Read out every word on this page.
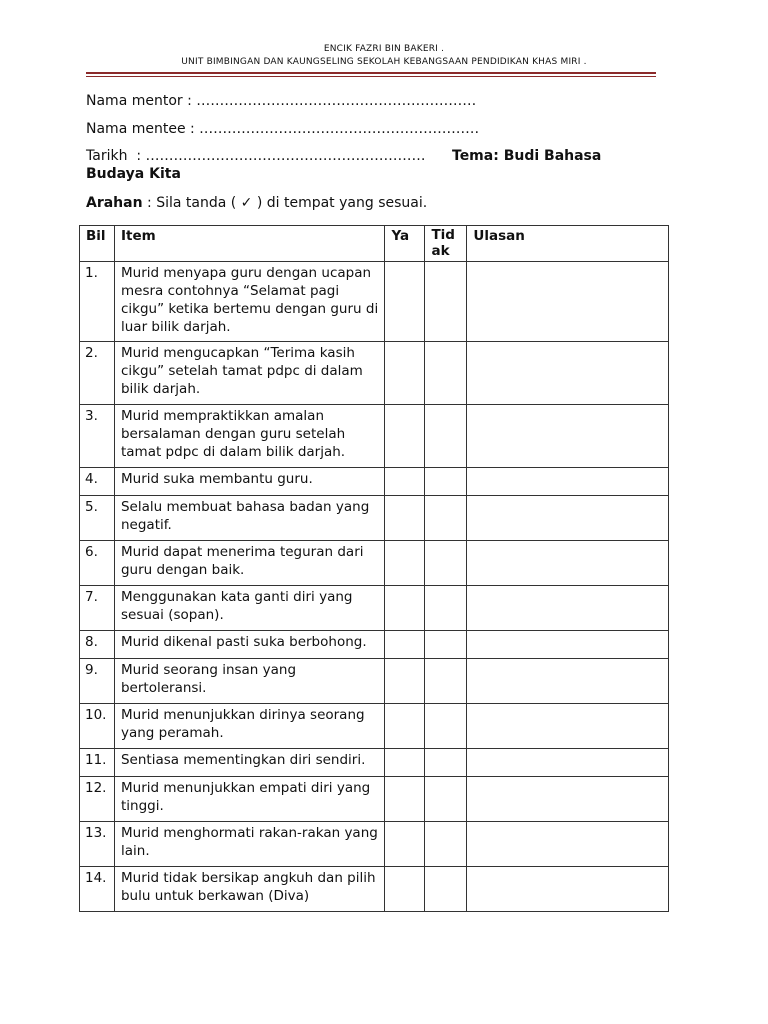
ENCIK FAZRI BIN BAKERI .
UNIT BIMBINGAN DAN KAUNGSELING SEKOLAH KEBANGSAAN PENDIDIKAN KHAS MIRI .
Nama mentor : ……………………………………………………
Nama mentee : ……………………………………………………
Tarikh  : …………………………………………………… Tema: Budi Bahasa
Budaya Kita
Arahan : Sila tanda ( ✓ ) di tempat yang sesuai.
Bil	Item	Ya	Tid ak	Ulasan
1.	Murid menyapa guru dengan ucapan mesra contohnya “Selamat pagi cikgu” ketika bertemu dengan guru di luar bilik darjah.			
2.	Murid mengucapkan “Terima kasih cikgu” setelah tamat pdpc di dalam bilik darjah.			
3.	Murid mempraktikkan amalan bersalaman dengan guru setelah tamat pdpc di dalam bilik darjah.			
4.	Murid suka membantu guru.			
5.	Selalu membuat bahasa badan yang negatif.			
6.	Murid dapat menerima teguran dari guru dengan baik.			
7.	Menggunakan kata ganti diri yang sesuai (sopan).			
8.	Murid dikenal pasti suka berbohong.			
9.	Murid seorang insan yang bertoleransi.			
10.	Murid menunjukkan dirinya seorang yang peramah.			
11.	Sentiasa mementingkan diri sendiri.			
12.	Murid menunjukkan empati diri yang tinggi.			
13.	Murid menghormati rakan-rakan yang lain.			
14.	Murid tidak bersikap angkuh dan pilih bulu untuk berkawan (Diva)			
